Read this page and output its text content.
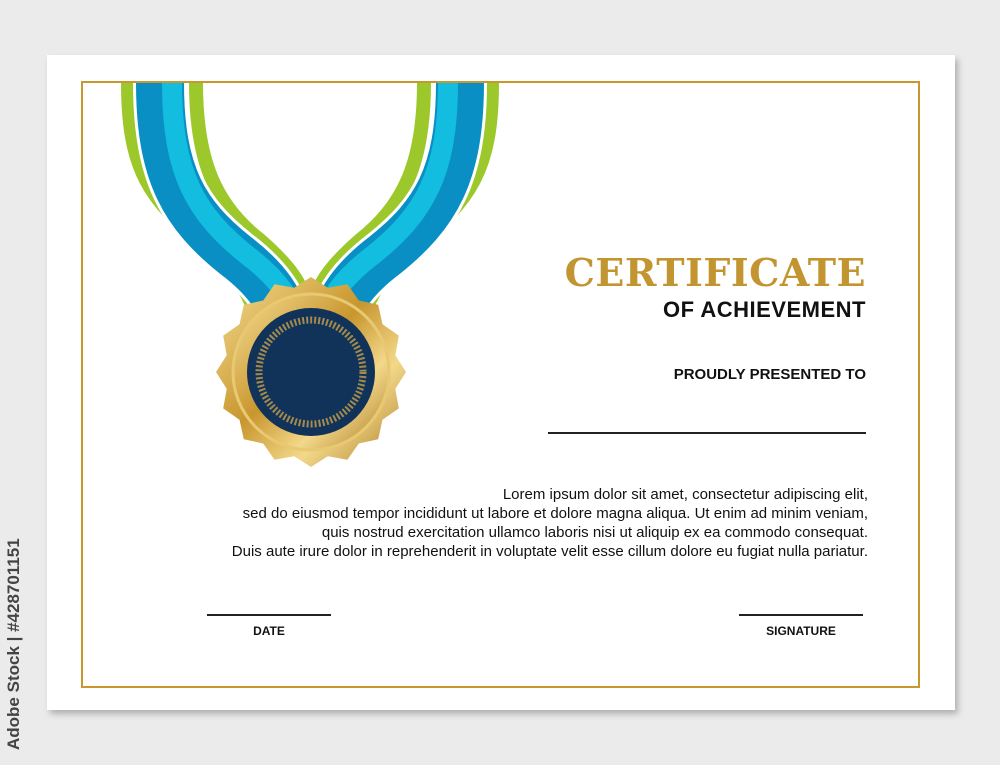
CERTIFICATE
OF ACHIEVEMENT
PROUDLY PRESENTED TO
Lorem ipsum dolor sit amet, consectetur adipiscing elit,
sed do eiusmod tempor incididunt ut labore et dolore magna aliqua. Ut enim ad minim veniam,
quis nostrud exercitation ullamco laboris nisi ut aliquip ex ea commodo consequat.
Duis aute irure dolor in reprehenderit in voluptate velit esse cillum dolore eu fugiat nulla pariatur.
DATE	SIGNATURE
Adobe Stock | #428701151
